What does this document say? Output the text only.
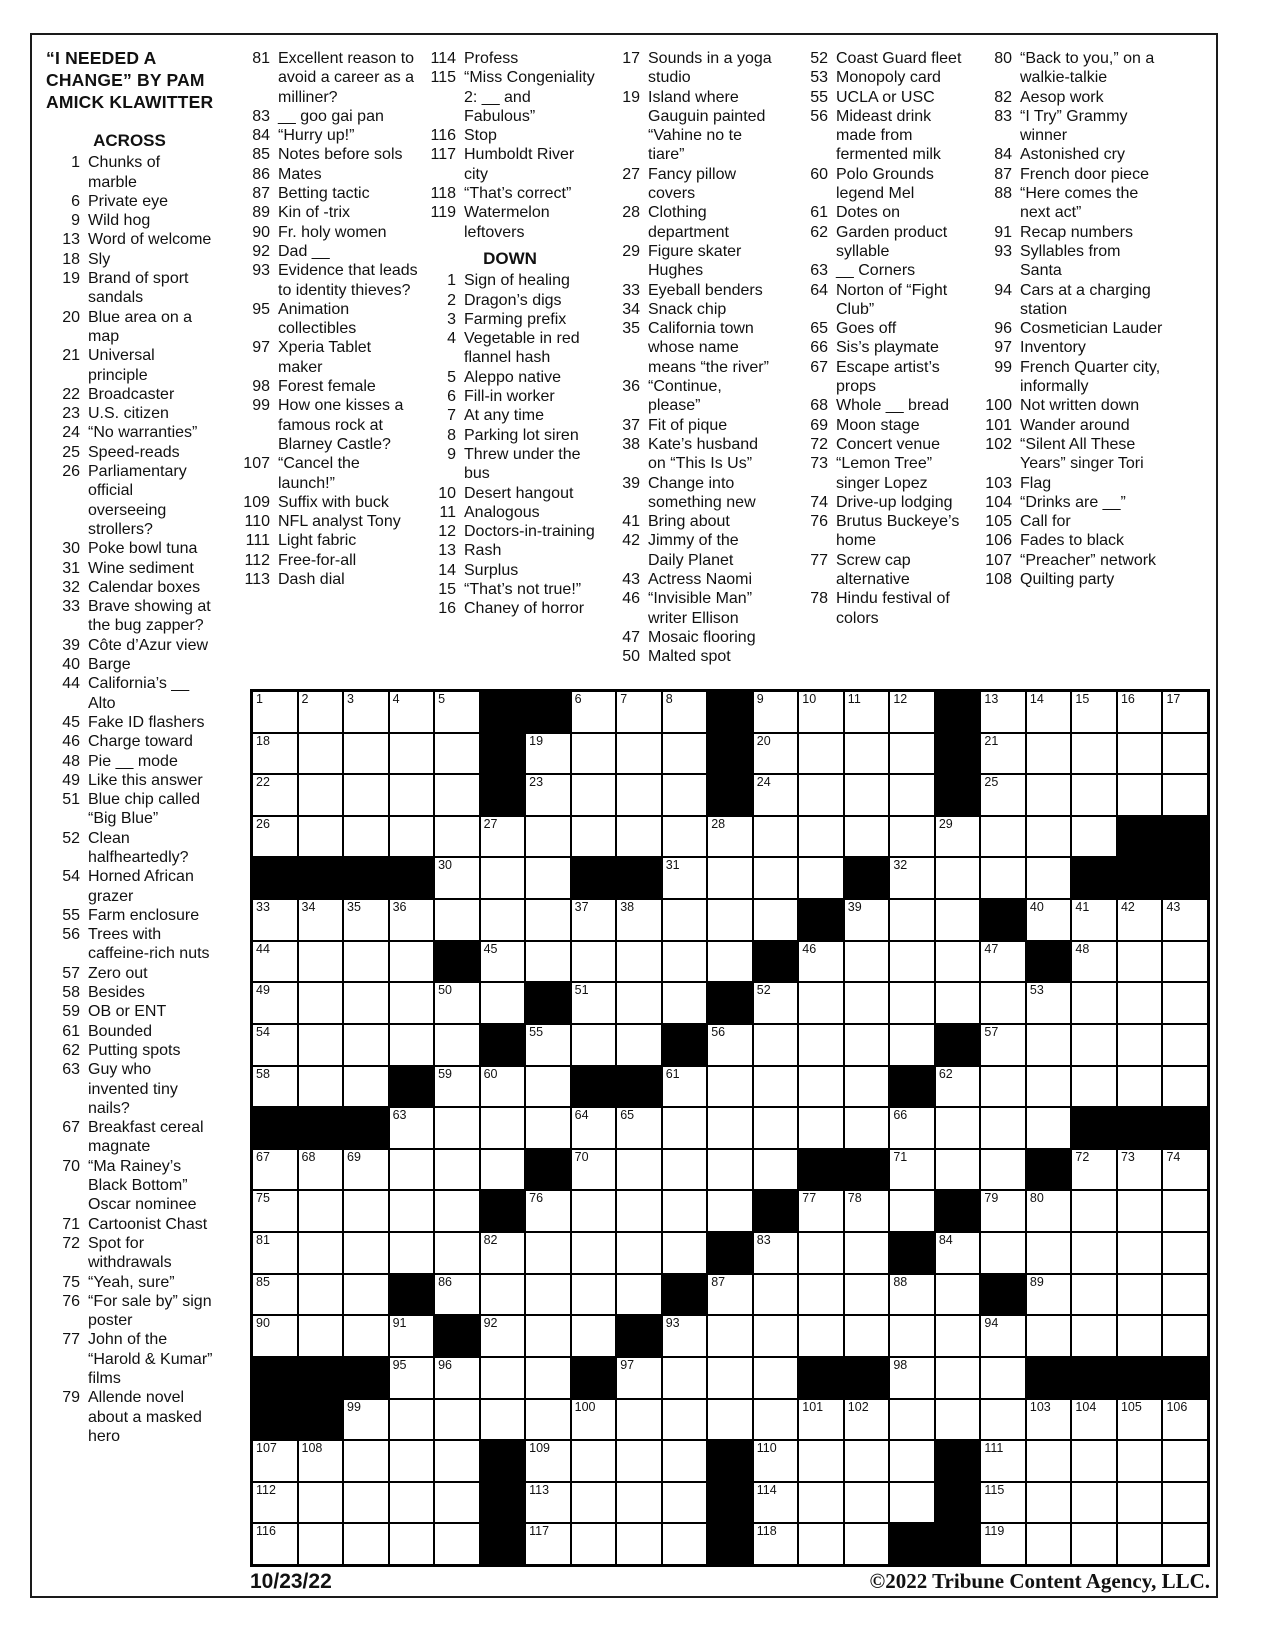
“I NEEDED A
CHANGE” BY PAM
AMICK KLAWITTER
ACROSS
1 Chunks of marble
6 Private eye
9 Wild hog
13 Word of welcome
18 Sly
19 Brand of sport sandals
20 Blue area on a map
21 Universal principle
22 Broadcaster
23 U.S. citizen
24 “No warranties”
25 Speed-reads
26 Parliamentary official overseeing strollers?
30 Poke bowl tuna
31 Wine sediment
32 Calendar boxes
33 Brave showing at the bug zapper?
39 Côte d’Azur view
40 Barge
44 California’s __ Alto
45 Fake ID flashers
46 Charge toward
48 Pie __ mode
49 Like this answer
51 Blue chip called “Big Blue”
52 Clean halfheartedly?
54 Horned African grazer
55 Farm enclosure
56 Trees with caffeine-rich nuts
57 Zero out
58 Besides
59 OB or ENT
61 Bounded
62 Putting spots
63 Guy who invented tiny nails?
67 Breakfast cereal magnate
70 “Ma Rainey’s Black Bottom” Oscar nominee
71 Cartoonist Chast
72 Spot for withdrawals
75 “Yeah, sure”
76 “For sale by” sign poster
77 John of the “Harold & Kumar” films
79 Allende novel about a masked hero
81 Excellent reason to avoid a career as a milliner?
83 __ goo gai pan
84 “Hurry up!”
85 Notes before sols
86 Mates
87 Betting tactic
89 Kin of -trix
90 Fr. holy women
92 Dad __
93 Evidence that leads to identity thieves?
95 Animation collectibles
97 Xperia Tablet maker
98 Forest female
99 How one kisses a famous rock at Blarney Castle?
107 “Cancel the launch!”
109 Suffix with buck
110 NFL analyst Tony
111 Light fabric
112 Free-for-all
113 Dash dial
114 Profess
115 “Miss Congeniality 2: __ and Fabulous”
116 Stop
117 Humboldt River city
118 “That’s correct”
119 Watermelon leftovers
DOWN
1 Sign of healing
2 Dragon’s digs
3 Farming prefix
4 Vegetable in red flannel hash
5 Aleppo native
6 Fill-in worker
7 At any time
8 Parking lot siren
9 Threw under the bus
10 Desert hangout
11 Analogous
12 Doctors-in-training
13 Rash
14 Surplus
15 “That’s not true!”
16 Chaney of horror
17 Sounds in a yoga studio
19 Island where Gauguin painted “Vahine no te tiare”
27 Fancy pillow covers
28 Clothing department
29 Figure skater Hughes
33 Eyeball benders
34 Snack chip
35 California town whose name means “the river”
36 “Continue, please”
37 Fit of pique
38 Kate’s husband on “This Is Us”
39 Change into something new
41 Bring about
42 Jimmy of the Daily Planet
43 Actress Naomi
46 “Invisible Man” writer Ellison
47 Mosaic flooring
50 Malted spot
52 Coast Guard fleet
53 Monopoly card
55 UCLA or USC
56 Mideast drink made from fermented milk
60 Polo Grounds legend Mel
61 Dotes on
62 Garden product syllable
63 __ Corners
64 Norton of “Fight Club”
65 Goes off
66 Sis’s playmate
67 Escape artist’s props
68 Whole __ bread
69 Moon stage
72 Concert venue
73 “Lemon Tree” singer Lopez
74 Drive-up lodging
76 Brutus Buckeye’s home
77 Screw cap alternative
78 Hindu festival of colors
80 “Back to you,” on a walkie-talkie
82 Aesop work
83 “I Try” Grammy winner
84 Astonished cry
87 French door piece
88 “Here comes the next act”
91 Recap numbers
93 Syllables from Santa
94 Cars at a charging station
96 Cosmetician Lauder
97 Inventory
99 French Quarter city, informally
100 Not written down
101 Wander around
102 “Silent All These Years” singer Tori
103 Flag
104 “Drinks are __”
105 Call for
106 Fades to black
107 “Preacher” network
108 Quilting party
1	2	3	4	5	6	7	8	9	10	11	12	13	14	15	16	17
18	19	20	21
22	23	24	25
26	27	28	29
30	31	32
33	34	35	36	37	38	39	40	41	42	43
44	45	46	47	48
49	50	51	52	53
54	55	56	57
58	59	60	61	62
63	64	65	66
67	68	69	70	71	72	73	74
75	76	77	78	79	80
81	82	83	84
85	86	87	88	89
90	91	92	93	94
95	96	97	98
99	100	101 102	103 104 105 106
107 108	109	110	111
112	113	114	115
116	117	118	119
10/23/22	©2022 Tribune Content Agency, LLC.
